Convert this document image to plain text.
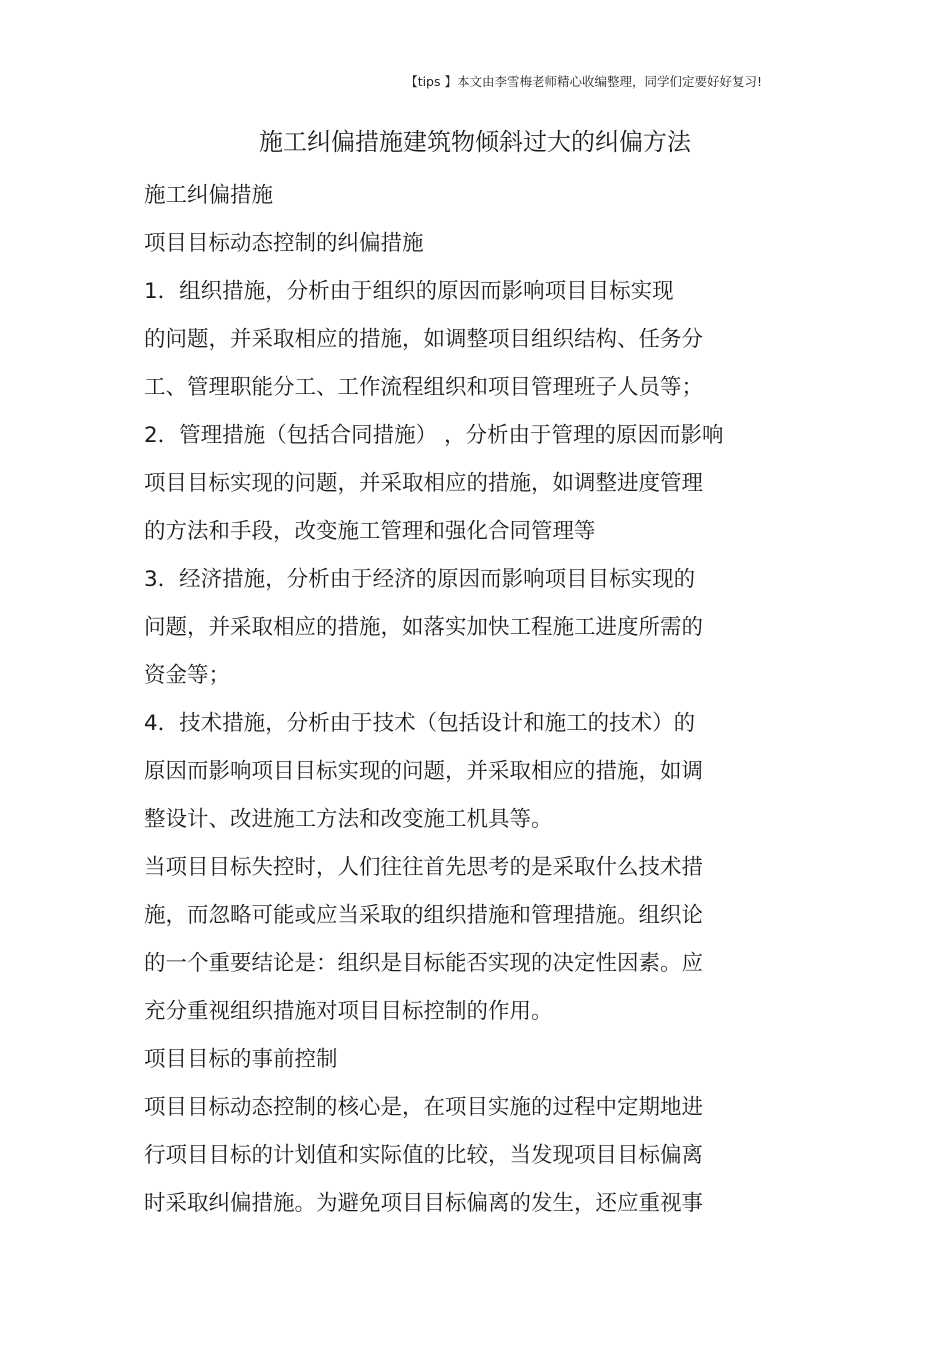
【tips 】本文由李雪梅老师精心收编整理，同学们定要好好复习!
施工纠偏措施建筑物倾斜过大的纠偏方法
施工纠偏措施
项目目标动态控制的纠偏措施
1．组织措施，分析由于组织的原因而影响项目目标实现
的问题，并采取相应的措施，如调整项目组织结构、任务分
工、管理职能分工、工作流程组织和项目管理班子人员等；
2．管理措施（包括合同措施） ，分析由于管理的原因而影响
项目目标实现的问题，并采取相应的措施，如调整进度管理
的方法和手段，改变施工管理和强化合同管理等
3．经济措施，分析由于经济的原因而影响项目目标实现的
问题，并采取相应的措施，如落实加快工程施工进度所需的
资金等；
4．技术措施，分析由于技术（包括设计和施工的技术）的
原因而影响项目目标实现的问题，并采取相应的措施，如调
整设计、改进施工方法和改变施工机具等。
当项目目标失控时，人们往往首先思考的是采取什么技术措
施，而忽略可能或应当采取的组织措施和管理措施。组织论
的一个重要结论是：组织是目标能否实现的决定性因素。应
充分重视组织措施对项目目标控制的作用。
项目目标的事前控制
项目目标动态控制的核心是，在项目实施的过程中定期地进
行项目目标的计划值和实际值的比较，当发现项目目标偏离
时采取纠偏措施。为避免项目目标偏离的发生，还应重视事
